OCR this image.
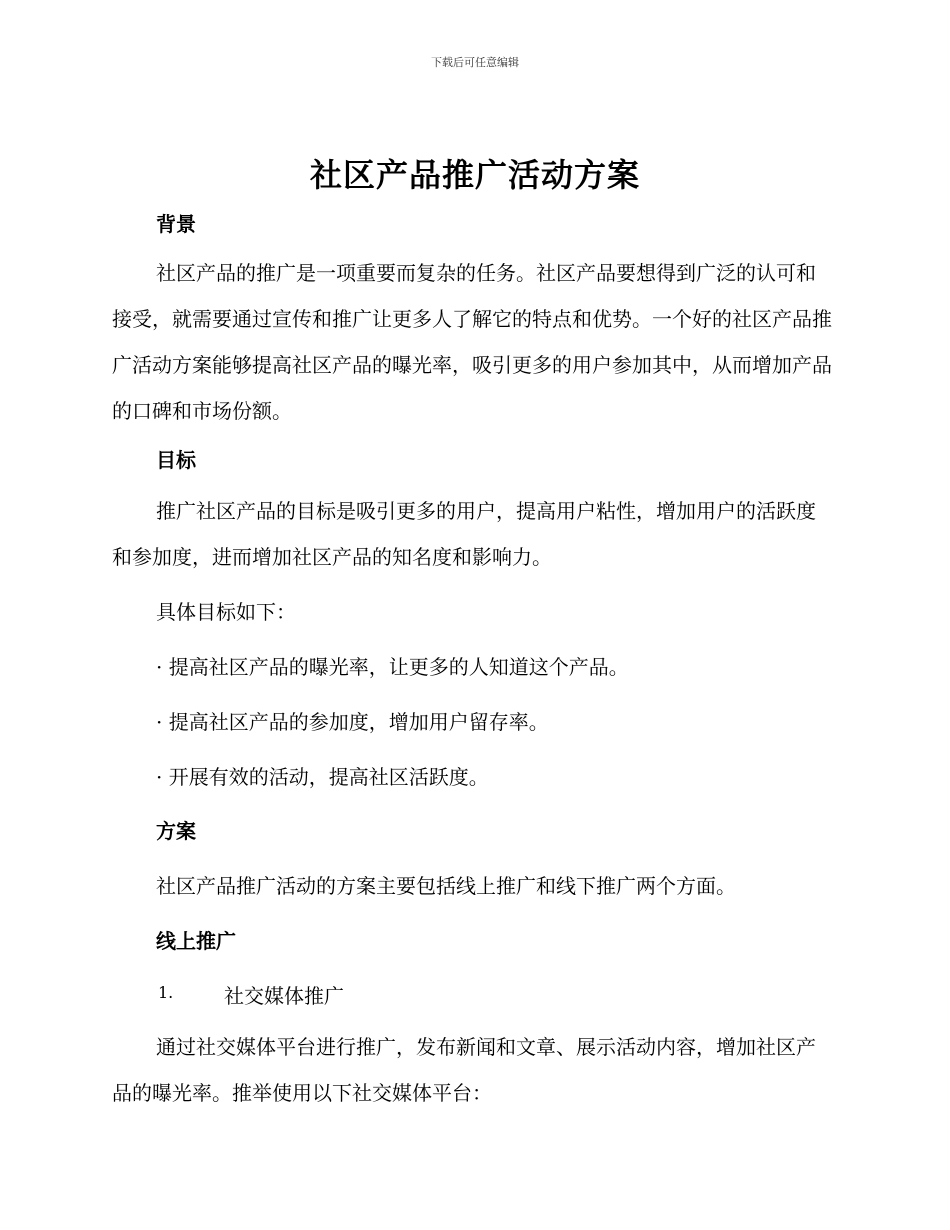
下载后可任意编辑
社区产品推广活动方案
背景
社区产品的推广是一项重要而复杂的任务。社区产品要想得到广泛的认可和接受，就需要通过宣传和推广让更多人了解它的特点和优势。一个好的社区产品推广活动方案能够提高社区产品的曝光率，吸引更多的用户参加其中，从而增加产品的口碑和市场份额。
目标
推广社区产品的目标是吸引更多的用户，提高用户粘性，增加用户的活跃度和参加度，进而增加社区产品的知名度和影响力。
具体目标如下：
· 提高社区产品的曝光率，让更多的人知道这个产品。
· 提高社区产品的参加度，增加用户留存率。
· 开展有效的活动，提高社区活跃度。
方案
社区产品推广活动的方案主要包括线上推广和线下推广两个方面。
线上推广
1.	社交媒体推广
通过社交媒体平台进行推广，发布新闻和文章、展示活动内容，增加社区产品的曝光率。推举使用以下社交媒体平台：
